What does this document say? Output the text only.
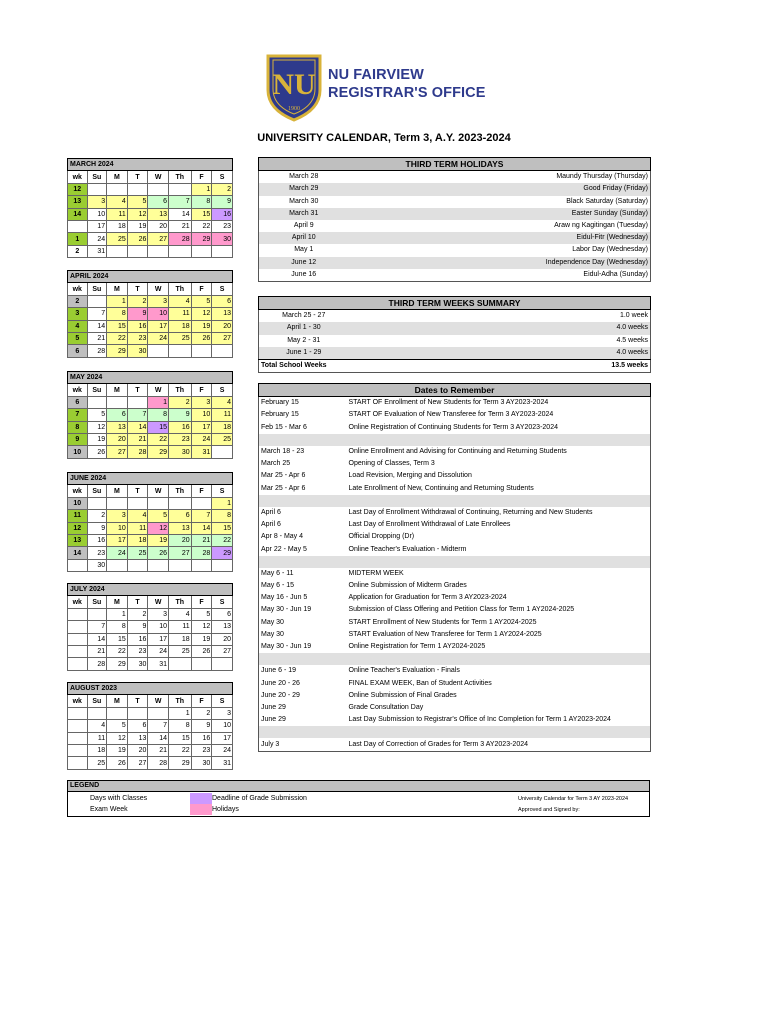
NU
1900
NU FAIRVIEW
REGISTRAR'S OFFICE
UNIVERSITY CALENDAR, Term 3, A.Y. 2023-2024
MARCH 2024							
wk	Su	M	T	W	Th	F	S
12						1	2
13	3	4	5	6	7	8	9
14	10	11	12	13	14	15	16
	17	18	19	20	21	22	23
1	24	25	26	27	28	29	30
2	31						
APRIL 2024							
wk	Su	M	T	W	Th	F	S
2		1	2	3	4	5	6
3	7	8	9	10	11	12	13
4	14	15	16	17	18	19	20
5	21	22	23	24	25	26	27
6	28	29	30				
MAY 2024							
wk	Su	M	T	W	Th	F	S
6				1	2	3	4
7	5	6	7	8	9	10	11
8	12	13	14	15	16	17	18
9	19	20	21	22	23	24	25
10	26	27	28	29	30	31	
JUNE 2024							
wk	Su	M	T	W	Th	F	S
10							1
11	2	3	4	5	6	7	8
12	9	10	11	12	13	14	15
13	16	17	18	19	20	21	22
14	23	24	25	26	27	28	29
	30						
JULY 2024							
wk	Su	M	T	W	Th	F	S
		1	2	3	4	5	6
	7	8	9	10	11	12	13
	14	15	16	17	18	19	20
	21	22	23	24	25	26	27
	28	29	30	31			
AUGUST 2023							
wk	Su	M	T	W	Th	F	S
					1	2	3
	4	5	6	7	8	9	10
	11	12	13	14	15	16	17
	18	19	20	21	22	23	24
	25	26	27	28	29	30	31
THIRD TERM HOLIDAYS	
March 28	Maundy Thursday (Thursday)
March 29	Good Friday (Friday)
March 30	Black Saturday (Saturday)
March 31	Easter Sunday (Sunday)
April 9	Araw ng Kagitingan (Tuesday)
April 10	Eidul-Fitr (Wednesday)
May 1	Labor Day (Wednesday)
June 12	Independence Day (Wednesday)
June 16	Eidul-Adha (Sunday)
THIRD TERM WEEKS SUMMARY	
March 25 - 27	1.0 week
April 1 - 30	4.0 weeks
May 2 - 31	4.5 weeks
June 1 - 29	4.0 weeks
Total School Weeks	13.5 weeks
Dates to Remember	
February 15	START OF Enrollment of New Students for Term 3 AY2023-2024
February 15	START OF Evaluation of New Transferee for Term 3 AY2023-2024
Feb 15 - Mar 6	Online Registration of Continuing Students for Term 3 AY2023-2024

March 18 - 23	Online Enrollment and Advising for Continuing and Returning Students
March 25	Opening of Classes, Term 3
Mar 25 - Apr 6	Load Revision, Merging and Dissolution
Mar 25 - Apr 6	Late Enrollment of New, Continuing and Returning Students

April 6	Last Day of Enrollment Withdrawal of Continuing, Returning and New Students
April 6	Last Day of Enrollment Withdrawal of Late Enrollees
Apr 8 - May 4	Official Dropping (Dr)
Apr 22 - May 5	Online Teacher's Evaluation - Midterm

May 6 - 11	MIDTERM WEEK
May 6 - 15	Online Submission of Midterm Grades
May 16 - Jun 5	Application for Graduation for Term 3 AY2023-2024
May 30 - Jun 19	Submission of Class Offering and Petition Class for Term 1 AY2024-2025
May 30	START Enrollment of New Students for Term 1 AY2024-2025
May 30	START Evaluation of New Transferee for Term 1 AY2024-2025
May 30 - Jun 19	Online Registration for Term 1 AY2024-2025

June 6 - 19	Online Teacher's Evaluation - Finals
June 20 - 26	FINAL EXAM WEEK, Ban of Student Activities
June 20 - 29	Online Submission of Final Grades
June 29	Grade Consultation Day
June 29	Last Day Submission to Registrar's Office of Inc Completion for Term 1 AY2023-2024

July 3	Last Day of Correction of Grades for Term 3 AY2023-2024
LEGEND
Days with Classes
Exam Week
Deadline of Grade Submission
Holidays
University Calendar for Term 3 AY 2023-2024
Approved and Signed by:
